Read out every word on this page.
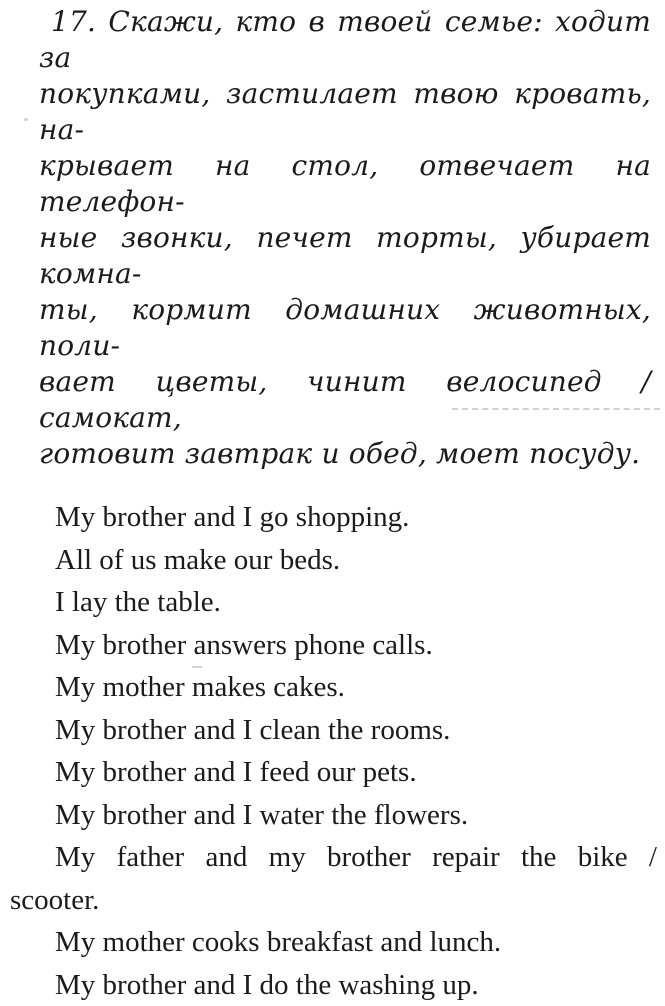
17. Скажи, кто в твоей семье: ходит за
покупками, застилает твою кровать, на-
крывает на стол, отвечает на телефон-
ные звонки, печет торты, убирает комна-
ты, кормит домашних животных, поли-
вает цветы, чинит велосипед / самокат,
готовит завтрак и обед, моет посуду.
My brother and I go shopping.
All of us make our beds.
I lay the table.
My brother answers phone calls.
My mother makes cakes.
My brother and I clean the rooms.
My brother and I feed our pets.
My brother and I water the flowers.
My father and my brother repair the bike /
scooter.
My mother cooks breakfast and lunch.
My brother and I do the washing up.
